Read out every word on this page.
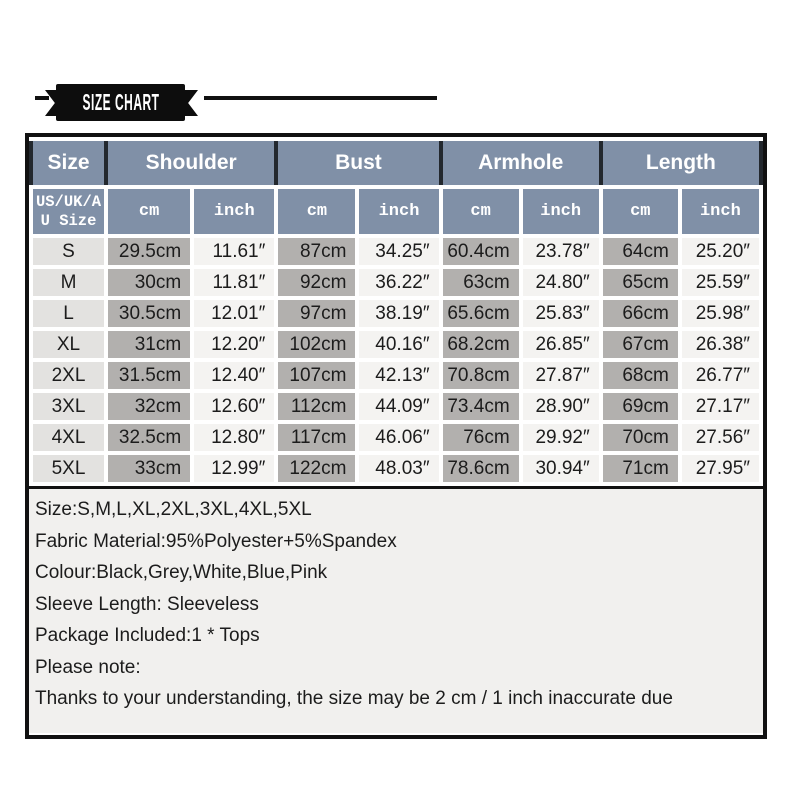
SIZE CHART
Size	Shoulder		Bust		Armhole		Length	

US/UK/A
U Size	cm	inch	cm	inch	cm	inch	cm	inch
S	29.5cm	11.61″	87cm	34.25″	60.4cm	23.78″	64cm	25.20″
M	30cm	11.81″	92cm	36.22″	63cm	24.80″	65cm	25.59″
L	30.5cm	12.01″	97cm	38.19″	65.6cm	25.83″	66cm	25.98″
XL	31cm	12.20″	102cm	40.16″	68.2cm	26.85″	67cm	26.38″
2XL	31.5cm	12.40″	107cm	42.13″	70.8cm	27.87″	68cm	26.77″
3XL	32cm	12.60″	112cm	44.09″	73.4cm	28.90″	69cm	27.17″
4XL	32.5cm	12.80″	117cm	46.06″	76cm	29.92″	70cm	27.56″
5XL	33cm	12.99″	122cm	48.03″	78.6cm	30.94″	71cm	27.95″
Size:S,M,L,XL,2XL,3XL,4XL,5XL
Fabric Material:95%Polyester+5%Spandex
Colour:Black,Grey,White,Blue,Pink
Sleeve Length: Sleeveless
Package Included:1 * Tops
Please note:
Thanks to your understanding, the size may be 2 cm / 1 inch inaccurate due
